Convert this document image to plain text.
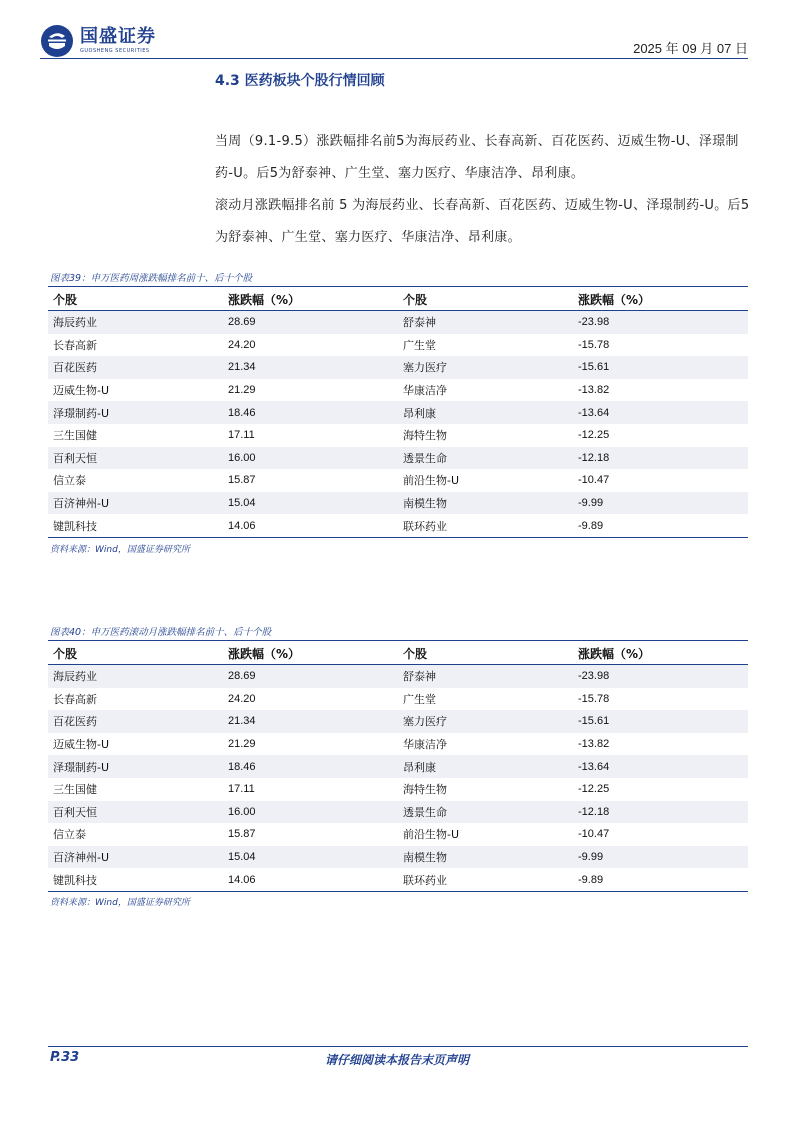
国盛证券
GUOSHENG SECURITIES	2025 年 09 月 07 日
4.3 医药板块个股行情回顾
当周（9.1-9.5）涨跌幅排名前5为海辰药业、长春高新、百花医药、迈威生物-U、泽璟制药-U。后5为舒泰神、广生堂、塞力医疗、华康洁净、昂利康。
滚动月涨跌幅排名前 5 为海辰药业、长春高新、百花医药、迈威生物-U、泽璟制药-U。后5为舒泰神、广生堂、塞力医疗、华康洁净、昂利康。
图表39：申万医药周涨跌幅排名前十、后十个股
个股	涨跌幅（%）	个股	涨跌幅（%）
海辰药业	28.69	舒泰神	-23.98
长春高新	24.20	广生堂	-15.78
百花医药	21.34	塞力医疗	-15.61
迈威生物-U	21.29	华康洁净	-13.82
泽璟制药-U	18.46	昂利康	-13.64
三生国健	17.11	海特生物	-12.25
百利天恒	16.00	透景生命	-12.18
信立泰	15.87	前沿生物-U	-10.47
百济神州-U	15.04	南模生物	-9.99
键凯科技	14.06	联环药业	-9.89
资料来源：Wind，国盛证券研究所
图表40：申万医药滚动月涨跌幅排名前十、后十个股
个股	涨跌幅（%）	个股	涨跌幅（%）
海辰药业	28.69	舒泰神	-23.98
长春高新	24.20	广生堂	-15.78
百花医药	21.34	塞力医疗	-15.61
迈威生物-U	21.29	华康洁净	-13.82
泽璟制药-U	18.46	昂利康	-13.64
三生国健	17.11	海特生物	-12.25
百利天恒	16.00	透景生命	-12.18
信立泰	15.87	前沿生物-U	-10.47
百济神州-U	15.04	南模生物	-9.99
键凯科技	14.06	联环药业	-9.89
资料来源：Wind，国盛证券研究所
P.33	请仔细阅读本报告末页声明
